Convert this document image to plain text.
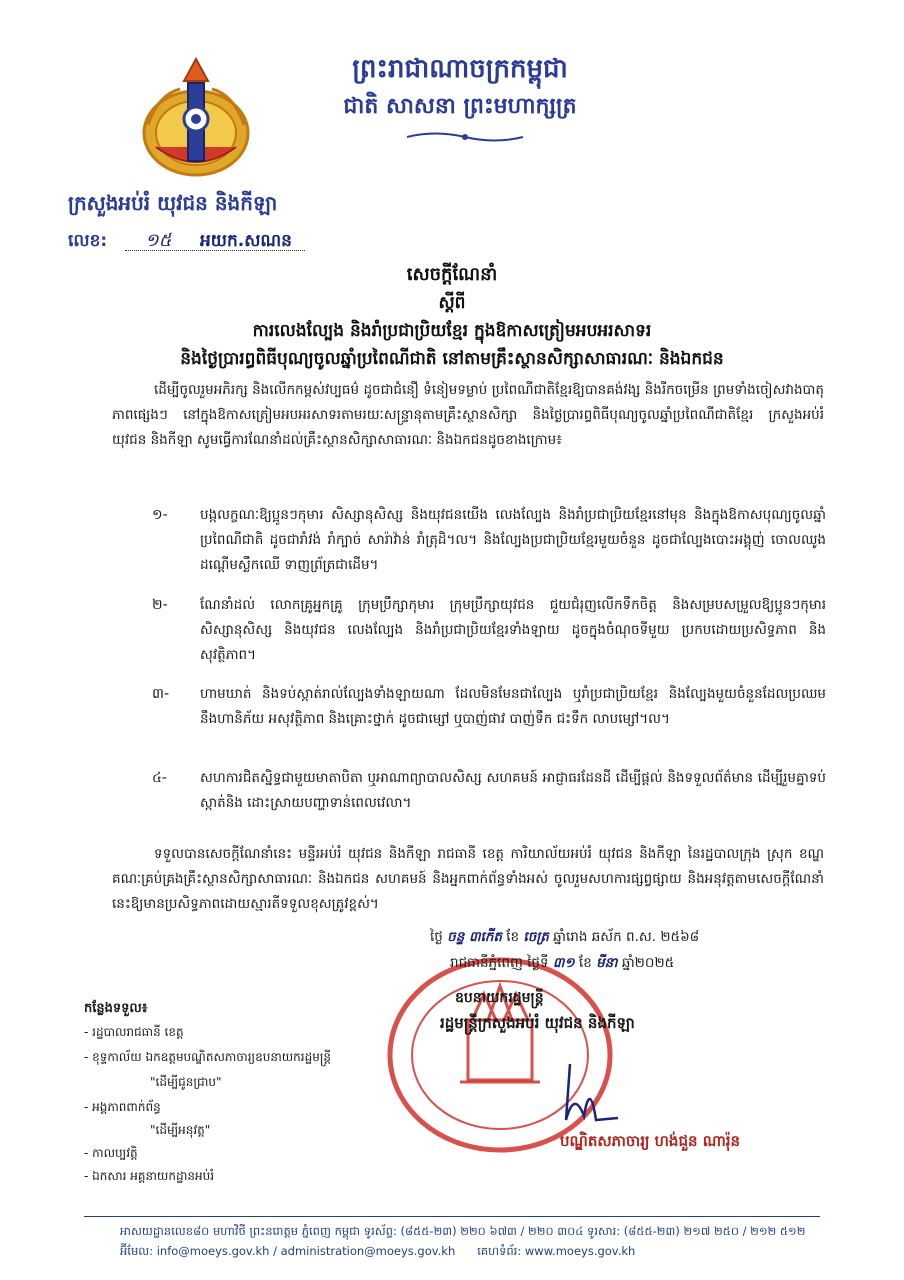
ព្រះរាជាណាចក្រកម្ពុជា
ជាតិ សាសនា ព្រះមហាក្សត្រ
ក្រសួងអប់រំ យុវជន និងកីឡា
លេខ: ១៥ អយក.សណន
សេចក្តីណែនាំ
ស្តីពី
ការលេងល្បែង និងរាំប្រជាប្រិយខ្មែរ ក្នុងឱកាសត្រៀមអបអរសាទរ
និងថ្ងៃប្រារព្ធពិធីបុណ្យចូលឆ្នាំប្រពៃណីជាតិ នៅតាមគ្រឹះស្ថានសិក្សាសាធារណៈ និងឯកជន
ដើម្បីចូលរួមអភិរក្ស និងលើកកម្ពស់វប្បធម៌ ដូចជាជំនឿ ទំនៀមទម្លាប់ ប្រពៃណីជាតិខ្មែរឱ្យបានគង់វង្ស និងរីកចម្រើន ព្រមទាំងចៀសវាងបាតុភាពផ្សេងៗ នៅក្នុងឱកាសត្រៀមអបអរសាទរតាមរយៈសន្ទ្រានុតាមគ្រឹះស្ថានសិក្សា និងថ្ងៃប្រារព្ធពិធីបុណ្យចូលឆ្នាំប្រពៃណីជាតិខ្មែរ ក្រសួងអប់រំ យុវជន និងកីឡា សូមធ្វើការណែនាំដល់គ្រឹះស្ថានសិក្សាសាធារណៈ និងឯកជនដូចខាងក្រោម៖
១- បង្កលក្ខណៈឱ្យប្អូនៗកុមារ សិស្សានុសិស្ស និងយុវជនយើង លេងល្បែង និងរាំប្រជាប្រិយខ្មែរនៅមុន និងក្នុងឱកាសបុណ្យចូលឆ្នាំប្រពៃណីជាតិ ដូចជារាំវង់ រាំក្បាច់ សារ៉ាវ៉ាន់ រាំត្រុដិ។ល។ និងល្បែងប្រជាប្រិយខ្មែរមួយចំនួន ដូចជាល្បែងបោះអង្គុញ់ ចោលឈូង ដណ្តើមស្លឹកឈើ ទាញព្រ័ត្រជាដើម។
២- ណែនាំដល់ លោកគ្រូអ្នកគ្រូ ក្រុមប្រឹក្សាកុមារ ក្រុមប្រឹក្សាយុវជន ជួយជំរុញលើកទឹកចិត្ត និងសម្របសម្រួលឱ្យប្អូនៗកុមារ សិស្សានុសិស្ស និងយុវជន លេងល្បែង និងរាំប្រជាប្រិយខ្មែរទាំងឡាយ ដូចក្នុងចំណុចទីមួយ ប្រកបដោយប្រសិទ្ធភាព និងសុវត្ថិភាព។
៣- ហាមឃាត់ និងទប់ស្កាត់រាល់ល្បែងទាំងឡាយណា ដែលមិនមែនជាល្បែង ឬរាំប្រជាប្រិយខ្មែរ និងល្បែងមួយចំនួនដែលប្រឈមនឹងហានិភ័យ អសុវត្ថិភាព និងគ្រោះថ្នាក់ ដូចជាម្សៅ ឬបាញ់ផាវ បាញ់ទឹក ជះទឹក លាបម្សៅ។ល។
៤- សហការជិតស្និទ្ធជាមួយមាតាបិតា ឬអាណាព្យាបាលសិស្ស សហគមន៍ អាជ្ញាធរដែនដី ដើម្បីផ្តល់ និងទទួលព័ត៌មាន ដើម្បីរួមគ្នាទប់ស្កាត់និង ដោះស្រាយបញ្ហាទាន់ពេលវេលា។
ទទួលបានសេចក្តីណែនាំនេះ មន្ទីរអប់រំ យុវជន និងកីឡា រាជធានី ខេត្ត ការិយាល័យអប់រំ យុវជន និងកីឡា នៃរដ្ឋបាលក្រុង ស្រុក ខណ្ឌ គណៈគ្រប់គ្រងគ្រឹះស្ថានសិក្សាសាធារណៈ និងឯកជន សហគមន៍ និងអ្នកពាក់ព័ន្ធទាំងអស់ ចូលរួមសហការផ្សព្វផ្សាយ និងអនុវត្តតាមសេចក្តីណែនាំនេះឱ្យមានប្រសិទ្ធភាពដោយស្មារតីទទួលខុសត្រូវខ្ពស់។
ថ្ងៃ ចន្ទ ៣កើត ខែ ចេត្រ ឆ្នាំរោង ឆស័ក ព.ស. ២៥៦៨
រាជធានីភ្នំពេញ ថ្ងៃទី ៣១ ខែ មីនា ឆ្នាំ២០២៥
ឧបនាយករដ្ឋមន្ត្រី
រដ្ឋមន្ត្រីក្រសួងអប់រំ យុវជន និងកីឡា
បណ្ឌិតសភាចារ្យ ហង់ជួន ណារ៉ុន
កន្លែងទទួល៖
- រដ្ឋបាលរាជធានី ខេត្ត
- ខុទ្ទកាល័យ ឯកឧត្តមបណ្ឌិតសភាចារ្យឧបនាយករដ្ឋមន្ត្រី
"ដើម្បីជូនជ្រាប"
- អង្គភាពពាក់ព័ន្ធ
"ដើម្បីអនុវត្ត"
- កាលប្បវត្តិ
- ឯកសារ អគ្គនាយកដ្ឋានអប់រំ
អាសយដ្ឋានលេខ៨០ មហាវិថី ព្រះនរោត្តម ភ្នំពេញ កម្ពុជា ទូរស័ព្ទ: (៨៥៥-២៣) ២២០ ៦៧៣ / ២២០ ៣០៤ ទូរសារ: (៨៥៥-២៣) ២១៧ ២៥០ / ២១២ ៥១២
អ៊ីមែល: info@moeys.gov.kh / administration@moeys.gov.kh គេហទំព័រ: www.moeys.gov.kh
